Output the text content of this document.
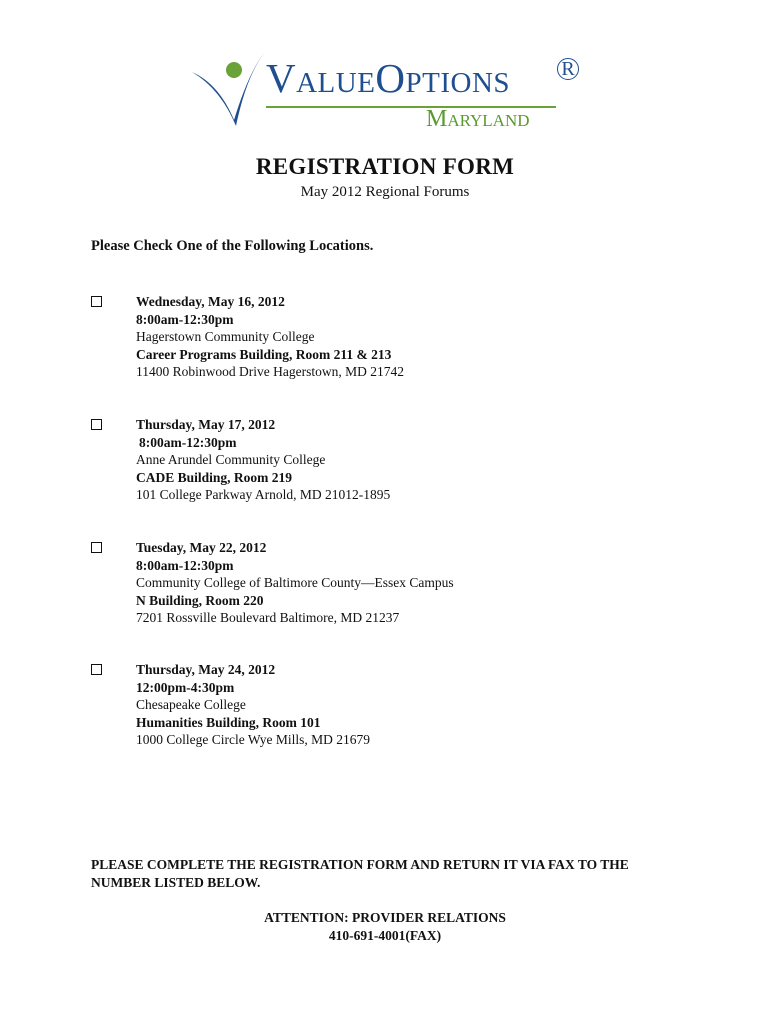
ValueOptions	R
Maryland
REGISTRATION FORM
May 2012 Regional Forums
Please Check One of the Following Locations.
Wednesday, May 16, 2012
8:00am-12:30pm
Hagerstown Community College
Career Programs Building, Room 211 & 213
11400 Robinwood Drive Hagerstown, MD 21742
Thursday, May 17, 2012
8:00am-12:30pm
Anne Arundel Community College
CADE Building, Room 219
101 College Parkway Arnold, MD 21012-1895
Tuesday, May 22, 2012
8:00am-12:30pm
Community College of Baltimore County—Essex Campus
N Building, Room 220
7201 Rossville Boulevard Baltimore, MD 21237
Thursday, May 24, 2012
12:00pm-4:30pm
Chesapeake College
Humanities Building, Room 101
1000 College Circle Wye Mills, MD 21679
PLEASE COMPLETE THE REGISTRATION FORM AND RETURN IT VIA FAX TO THE NUMBER LISTED BELOW.
ATTENTION: PROVIDER RELATIONS
410-691-4001(FAX)
